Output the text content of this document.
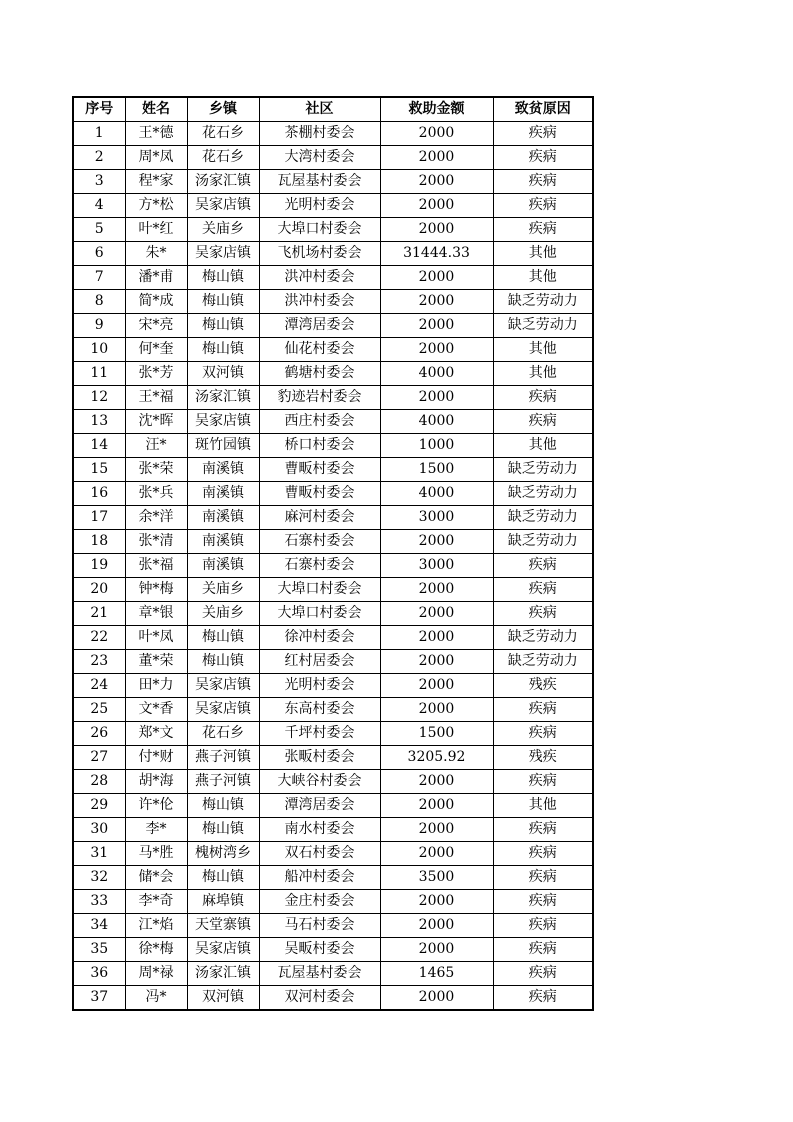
序号	姓名	乡镇	社区	救助金额	致贫原因
1	王*德	花石乡	茶棚村委会	2000	疾病
2	周*凤	花石乡	大湾村委会	2000	疾病
3	程*家	汤家汇镇	瓦屋基村委会	2000	疾病
4	方*松	吴家店镇	光明村委会	2000	疾病
5	叶*红	关庙乡	大埠口村委会	2000	疾病
6	朱*	吴家店镇	飞机场村委会	31444.33	其他
7	潘*甫	梅山镇	洪冲村委会	2000	其他
8	简*成	梅山镇	洪冲村委会	2000	缺乏劳动力
9	宋*亮	梅山镇	潭湾居委会	2000	缺乏劳动力
10	何*奎	梅山镇	仙花村委会	2000	其他
11	张*芳	双河镇	鹤塘村委会	4000	其他
12	王*福	汤家汇镇	豹迹岩村委会	2000	疾病
13	沈*晖	吴家店镇	西庄村委会	4000	疾病
14	汪*	斑竹园镇	桥口村委会	1000	其他
15	张*荣	南溪镇	曹畈村委会	1500	缺乏劳动力
16	张*兵	南溪镇	曹畈村委会	4000	缺乏劳动力
17	余*洋	南溪镇	麻河村委会	3000	缺乏劳动力
18	张*清	南溪镇	石寨村委会	2000	缺乏劳动力
19	张*福	南溪镇	石寨村委会	3000	疾病
20	钟*梅	关庙乡	大埠口村委会	2000	疾病
21	章*银	关庙乡	大埠口村委会	2000	疾病
22	叶*凤	梅山镇	徐冲村委会	2000	缺乏劳动力
23	董*荣	梅山镇	红村居委会	2000	缺乏劳动力
24	田*力	吴家店镇	光明村委会	2000	残疾
25	文*香	吴家店镇	东高村委会	2000	疾病
26	郑*文	花石乡	千坪村委会	1500	疾病
27	付*财	燕子河镇	张畈村委会	3205.92	残疾
28	胡*海	燕子河镇	大峡谷村委会	2000	疾病
29	许*伦	梅山镇	潭湾居委会	2000	其他
30	李*	梅山镇	南水村委会	2000	疾病
31	马*胜	槐树湾乡	双石村委会	2000	疾病
32	储*会	梅山镇	船冲村委会	3500	疾病
33	李*奇	麻埠镇	金庄村委会	2000	疾病
34	江*焰	天堂寨镇	马石村委会	2000	疾病
35	徐*梅	吴家店镇	吴畈村委会	2000	疾病
36	周*禄	汤家汇镇	瓦屋基村委会	1465	疾病
37	冯*	双河镇	双河村委会	2000	疾病
